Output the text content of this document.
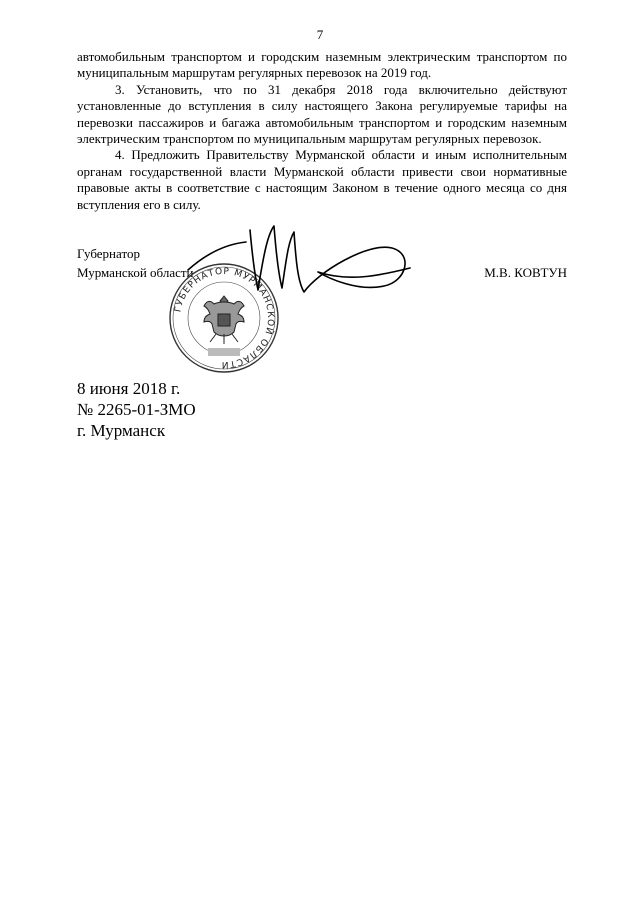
7

автомобильным транспортом и городским наземным электрическим транспортом по муниципальным маршрутам регулярных перевозок на 2019 год.

3. Установить, что по 31 декабря 2018 года включительно действуют установленные до вступления в силу настоящего Закона регулируемые тарифы на перевозки пассажиров и багажа автомобильным транспортом и городским наземным электрическим транспортом по муниципальным маршрутам регулярных перевозок.

4. Предложить Правительству Мурманской области и иным исполнительным органам государственной власти Мурманской области привести свои нормативные правовые акты в соответствие с настоящим Законом в течение одного месяца со дня вступления его в силу.

Губернатор
Мурманской области	М.В. КОВТУН
ГУБЕРНАТОР МУРМАНСКОЙ ОБЛАСТИ
8 июня 2018 г.
№ 2265-01-ЗМО
г. Мурманск
